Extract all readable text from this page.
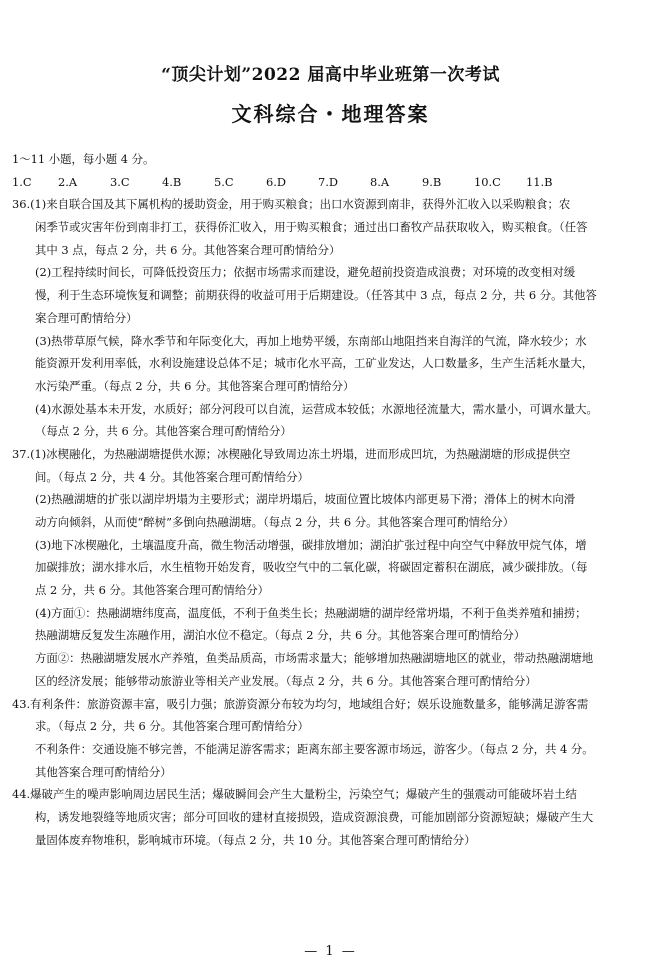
“顶尖计划”2022 届高中毕业班第一次考试
文科综合・地理答案
1～11 小题，每小题 4 分。
1.C 2.A	3.C	4.B	5.C	6.D	7.D	8.A	9.B	10.C 11.B
36.(1)来自联合国及其下属机构的援助资金，用于购买粮食；出口水资源到南非，获得外汇收入以采购粮食；农
闲季节或灾害年份到南非打工，获得侨汇收入，用于购买粮食；通过出口畜牧产品获取收入，购买粮食。（任答
其中 3 点，每点 2 分，共 6 分。其他答案合理可酌情给分）
(2)工程持续时间长，可降低投资压力；依据市场需求而建设，避免超前投资造成浪费；对环境的改变相对缓
慢，利于生态环境恢复和调整；前期获得的收益可用于后期建设。（任答其中 3 点，每点 2 分，共 6 分。其他答
案合理可酌情给分）
(3)热带草原气候，降水季节和年际变化大，再加上地势平缓，东南部山地阻挡来自海洋的气流，降水较少；水
能资源开发利用率低，水利设施建设总体不足；城市化水平高，工矿业发达，人口数量多，生产生活耗水量大，
水污染严重。（每点 2 分，共 6 分。其他答案合理可酌情给分）
(4)水源处基本未开发，水质好；部分河段可以自流，运营成本较低；水源地径流量大，需水量小，可调水量大。
（每点 2 分，共 6 分。其他答案合理可酌情给分）
37.(1)冰楔融化，为热融湖塘提供水源；冰楔融化导致周边冻土坍塌，进而形成凹坑，为热融湖塘的形成提供空
间。（每点 2 分，共 4 分。其他答案合理可酌情给分）
(2)热融湖塘的扩张以湖岸坍塌为主要形式；湖岸坍塌后，坡面位置比坡体内部更易下滑；滑体上的树木向滑
动方向倾斜，从而使“醉树”多倒向热融湖塘。（每点 2 分，共 6 分。其他答案合理可酌情给分）
(3)地下冰楔融化，土壤温度升高，微生物活动增强，碳排放增加；湖泊扩张过程中向空气中释放甲烷气体，增
加碳排放；湖水排水后，水生植物开始发育，吸收空气中的二氧化碳，将碳固定蓄积在湖底，减少碳排放。（每
点 2 分，共 6 分。其他答案合理可酌情给分）
(4)方面①：热融湖塘纬度高，温度低，不利于鱼类生长；热融湖塘的湖岸经常坍塌，不利于鱼类养殖和捕捞；
热融湖塘反复发生冻融作用，湖泊水位不稳定。（每点 2 分，共 6 分。其他答案合理可酌情给分）
方面②：热融湖塘发展水产养殖，鱼类品质高，市场需求量大；能够增加热融湖塘地区的就业，带动热融湖塘地
区的经济发展；能够带动旅游业等相关产业发展。（每点 2 分，共 6 分。其他答案合理可酌情给分）
43.有利条件：旅游资源丰富，吸引力强；旅游资源分布较为均匀，地域组合好；娱乐设施数量多，能够满足游客需
求。（每点 2 分，共 6 分。其他答案合理可酌情给分）
不利条件：交通设施不够完善，不能满足游客需求；距离东部主要客源市场远，游客少。（每点 2 分，共 4 分。
其他答案合理可酌情给分）
44.爆破产生的噪声影响周边居民生活；爆破瞬间会产生大量粉尘，污染空气；爆破产生的强震动可能破坏岩土结
构，诱发地裂缝等地质灾害；部分可回收的建材直接损毁，造成资源浪费，可能加剧部分资源短缺；爆破产生大
量固体废弃物堆积，影响城市环境。（每点 2 分，共 10 分。其他答案合理可酌情给分）
— 1 —
